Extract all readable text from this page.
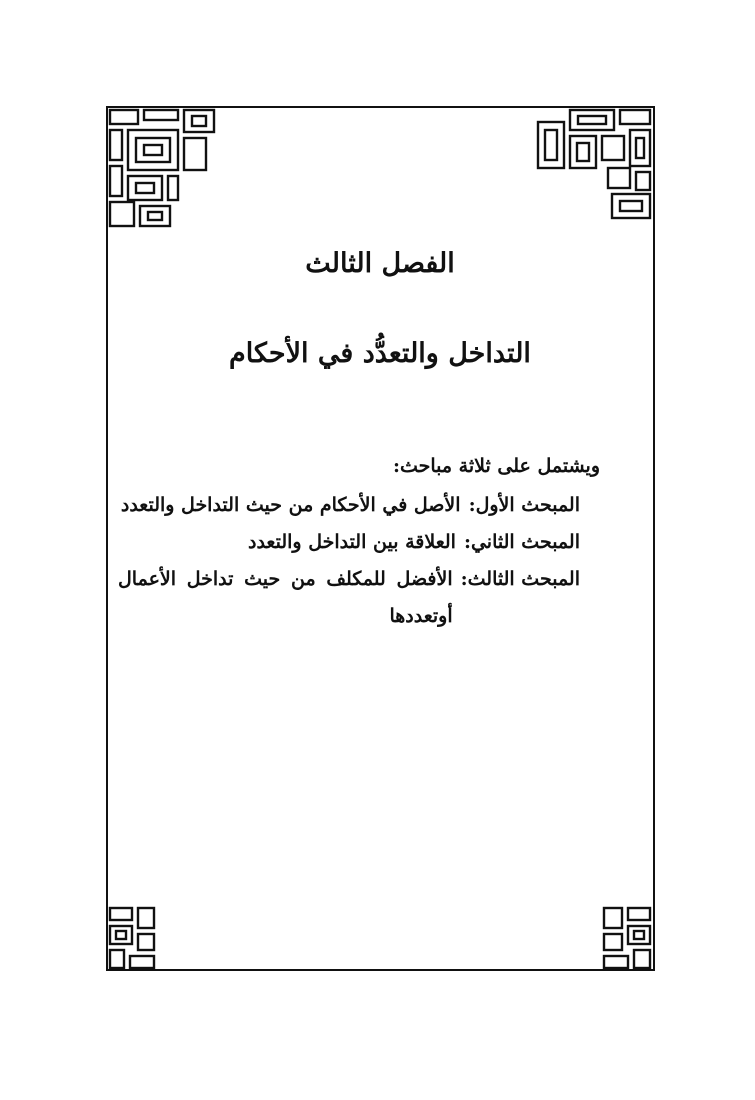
الفصل الثالث
التداخل والتعدُّد في الأحكام

ويشتمل على ثلاثة مباحث:

المبحث الأول:
الأصل في الأحكام من حيث التداخل والتعدد
المبحث الثاني:
العلاقة بين التداخل والتعدد
المبحث الثالث:
الأفضل للمكلف من حيث تداخل الأعمال أوتعددها
